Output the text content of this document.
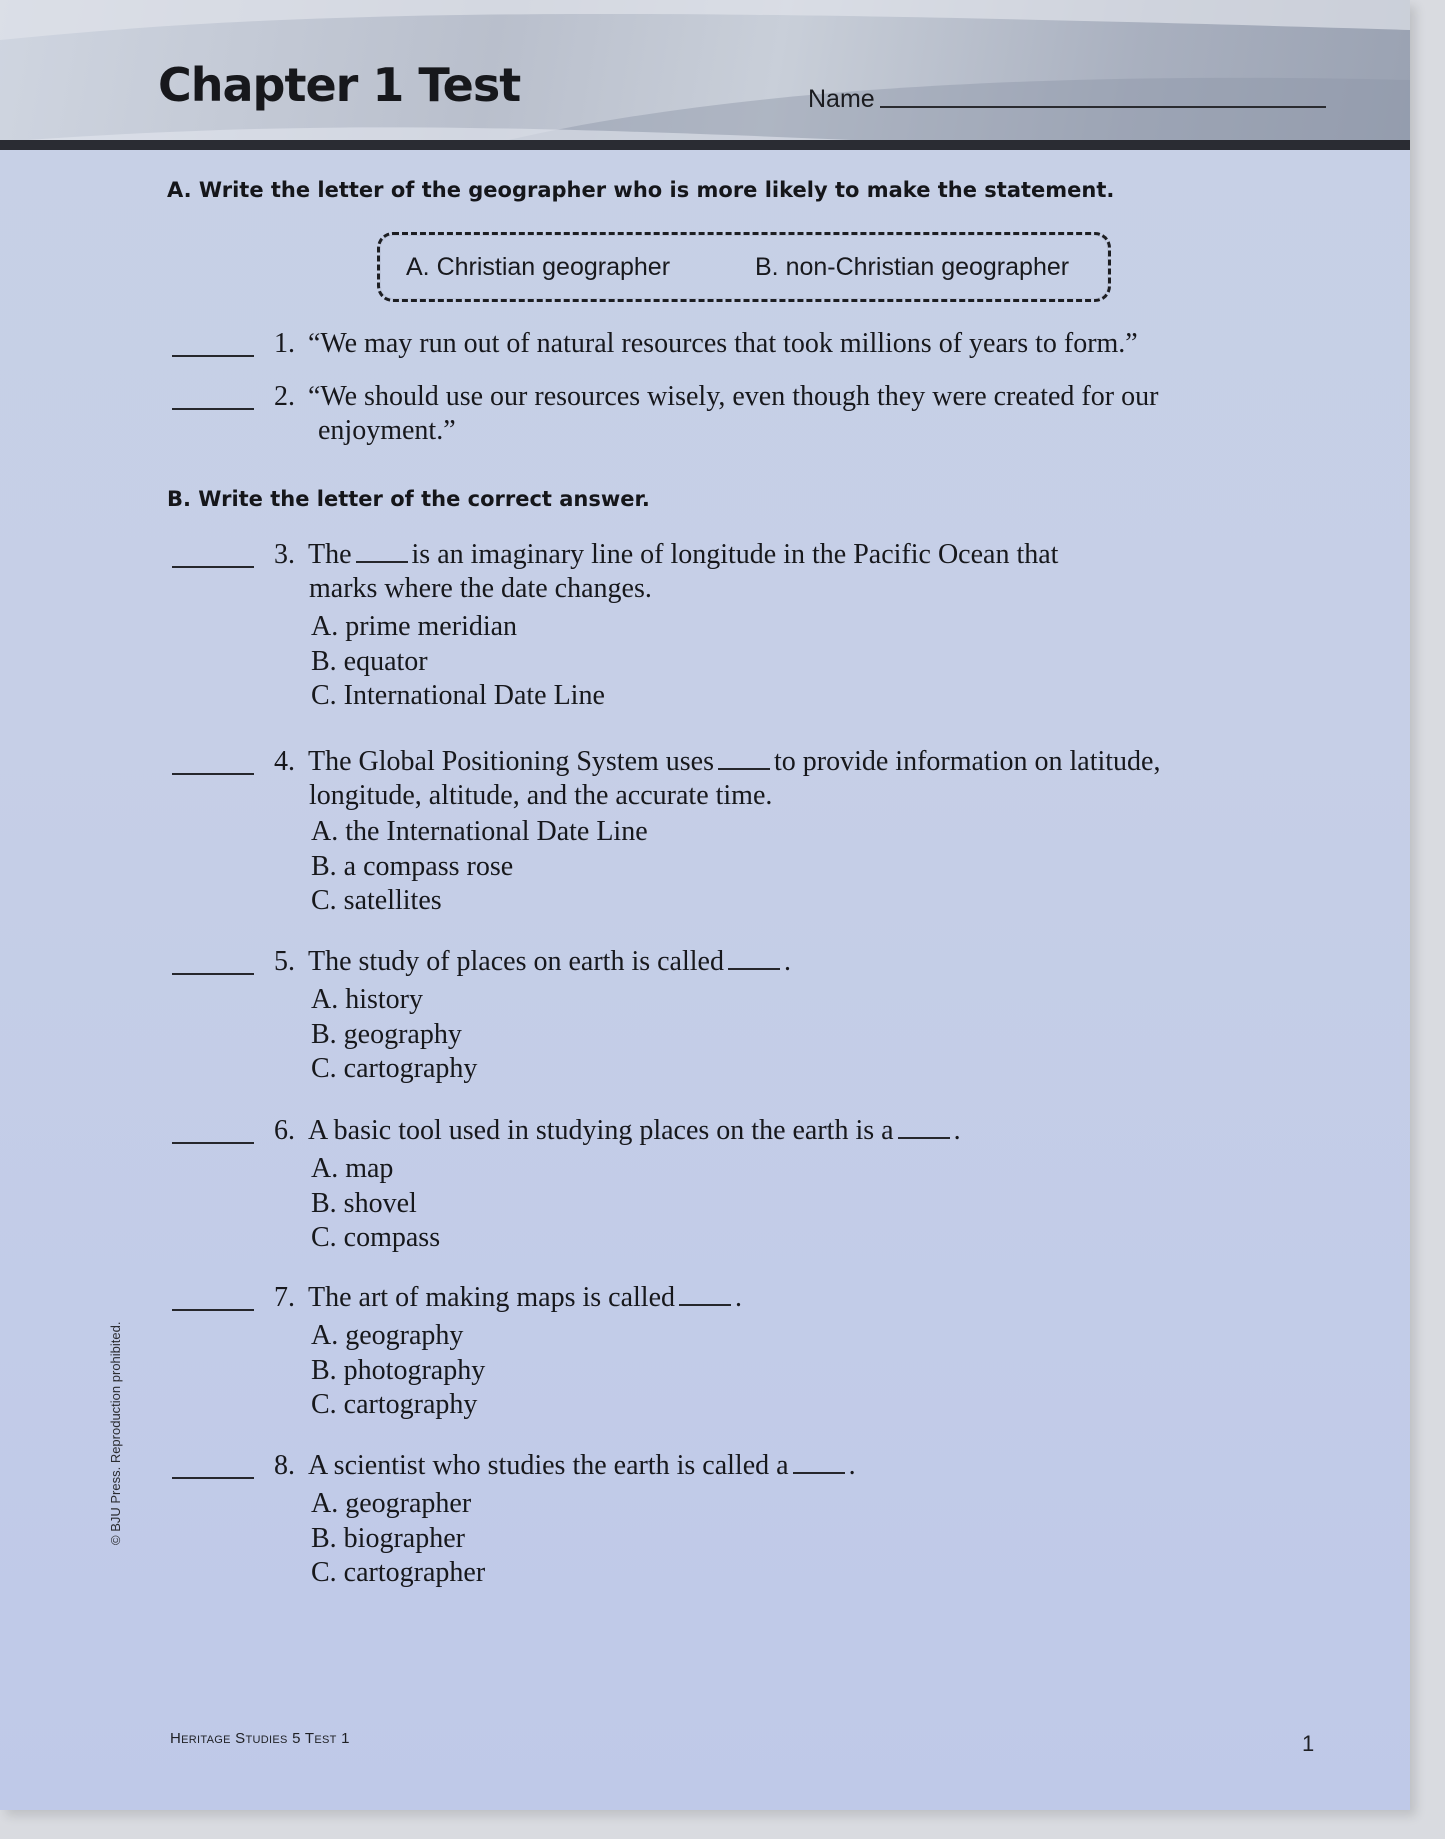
Chapter 1 Test	Name
A. Write the letter of the geographer who is more likely to make the statement.
A. Christian geographer	B. non-Christian geographer
1. “We may run out of natural resources that took millions of years to form.”
2. “We should use our resources wisely, even though they were created for our
enjoyment.”
B. Write the letter of the correct answer.
3. The is an imaginary line of longitude in the Pacific Ocean that
marks where the date changes.
A. prime meridian
B. equator
C. International Date Line
4. The Global Positioning System uses to provide information on latitude,
longitude, altitude, and the accurate time.
A. the International Date Line
B. a compass rose
C. satellites
5. The study of places on earth is called .
A. history
B. geography
C. cartography
6. A basic tool used in studying places on the earth is a .
A. map
B. shovel
C. compass
7. The art of making maps is called .
A. geography
B. photography
C. cartography
8. A scientist who studies the earth is called a .
A. geographer
B. biographer
C. cartographer
© BJU Press. Reproduction prohibited.
Heritage Studies 5 Test 1	1
